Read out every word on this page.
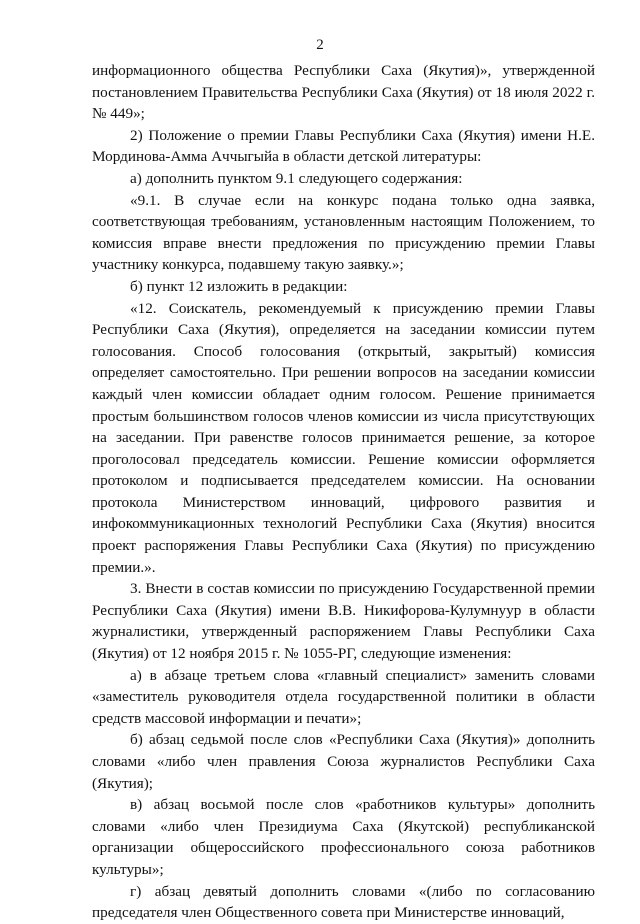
2

информационного общества Республики Саха (Якутия)», утвержденной постановлением Правительства Республики Саха (Якутия) от 18 июля 2022 г. № 449»;

2) Положение о премии Главы Республики Саха (Якутия) имени Н.Е. Мординова-Амма Аччыгыйа в области детской литературы:

а) дополнить пунктом 9.1 следующего содержания:

«9.1. В случае если на конкурс подана только одна заявка, соответствующая требованиям, установленным настоящим Положением, то комиссия вправе внести предложения по присуждению премии Главы участнику конкурса, подавшему такую заявку.»;

б) пункт 12 изложить в редакции:

«12. Соискатель, рекомендуемый к присуждению премии Главы Республики Саха (Якутия), определяется на заседании комиссии путем голосования. Способ голосования (открытый, закрытый) комиссия определяет самостоятельно. При решении вопросов на заседании комиссии каждый член комиссии обладает одним голосом. Решение принимается простым большинством голосов членов комиссии из числа присутствующих на заседании. При равенстве голосов принимается решение, за которое проголосовал председатель комиссии. Решение комиссии оформляется протоколом и подписывается председателем комиссии. На основании протокола Министерством инноваций, цифрового развития и инфокоммуникационных технологий Республики Саха (Якутия) вносится проект распоряжения Главы Республики Саха (Якутия) по присуждению премии.».

3. Внести в состав комиссии по присуждению Государственной премии Республики Саха (Якутия) имени В.В. Никифорова-Кулумнуур в области журналистики, утвержденный распоряжением Главы Республики Саха (Якутия) от 12 ноября 2015 г. № 1055-РГ, следующие изменения:

а) в абзаце третьем слова «главный специалист» заменить словами «заместитель руководителя отдела государственной политики в области средств массовой информации и печати»;

б) абзац седьмой после слов «Республики Саха (Якутия)» дополнить словами «либо член правления Союза журналистов Республики Саха (Якутия);

в) абзац восьмой после слов «работников культуры» дополнить словами «либо член Президиума Саха (Якутской) республиканской организации общероссийского профессионального союза работников культуры»;

г) абзац девятый дополнить словами «(либо по согласованию председателя член Общественного совета при Министерстве инноваций,
